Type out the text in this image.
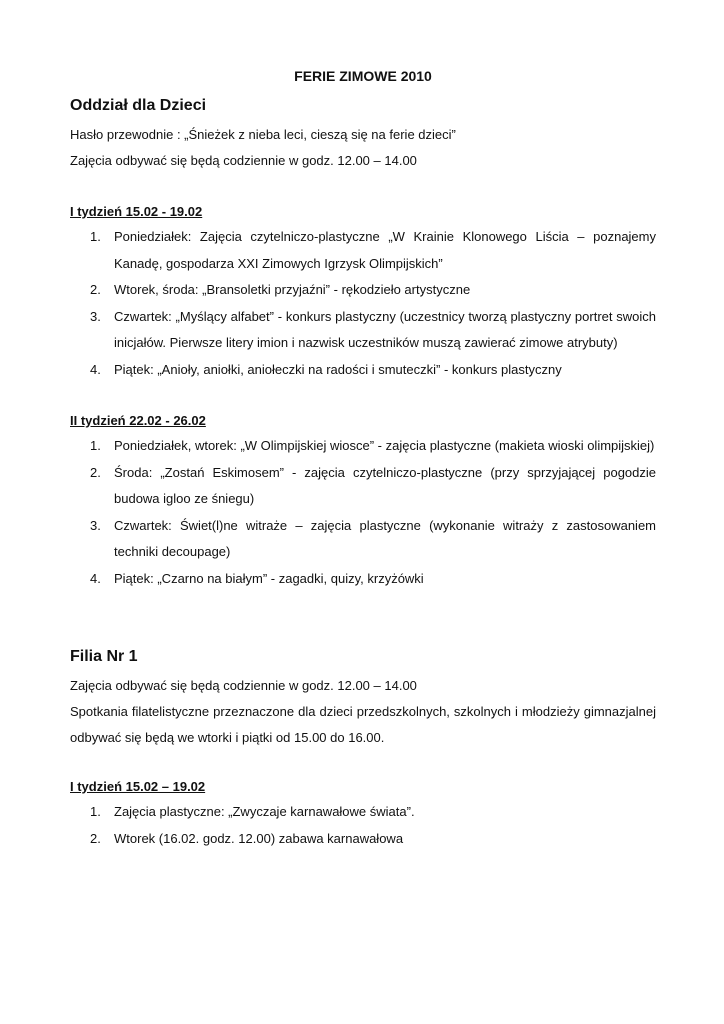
FERIE ZIMOWE 2010
Oddział dla Dzieci

Hasło przewodnie : „Śnieżek z nieba leci, cieszą się na ferie dzieci”

Zajęcia odbywać się będą codziennie w godz. 12.00 – 14.00

I tydzień 15.02 - 19.02

1. Poniedziałek: Zajęcia czytelniczo-plastyczne „W Krainie Klonowego Liścia – poznajemy Kanadę, gospodarza XXI Zimowych Igrzysk Olimpijskich”
2. Wtorek, środa: „Bransoletki przyjaźni” - rękodzieło artystyczne
3. Czwartek: „Myślący alfabet” - konkurs plastyczny (uczestnicy tworzą plastyczny portret swoich inicjałów. Pierwsze litery imion i nazwisk uczestników muszą zawierać zimowe atrybuty)
4. Piątek: „Anioły, aniołki, aniołeczki na radości i smuteczki” - konkurs plastyczny

II tydzień 22.02 - 26.02

1. Poniedziałek, wtorek: „W Olimpijskiej wiosce” - zajęcia plastyczne (makieta wioski olimpijskiej)
2. Środa: „Zostań Eskimosem” - zajęcia czytelniczo-plastyczne (przy sprzyjającej pogodzie budowa igloo ze śniegu)
3. Czwartek: Świet(l)ne witraże – zajęcia plastyczne (wykonanie witraży z zastosowaniem techniki decoupage)
4. Piątek: „Czarno na białym” - zagadki, quizy, krzyżówki
Filia Nr 1

Zajęcia odbywać się będą codziennie w godz. 12.00 – 14.00

Spotkania filatelistyczne przeznaczone dla dzieci przedszkolnych, szkolnych i młodzieży gimnazjalnej odbywać się będą we wtorki i piątki od 15.00 do 16.00.

I tydzień 15.02 – 19.02

1. Zajęcia plastyczne: „Zwyczaje karnawałowe świata”.
2. Wtorek (16.02. godz. 12.00) zabawa karnawałowa
